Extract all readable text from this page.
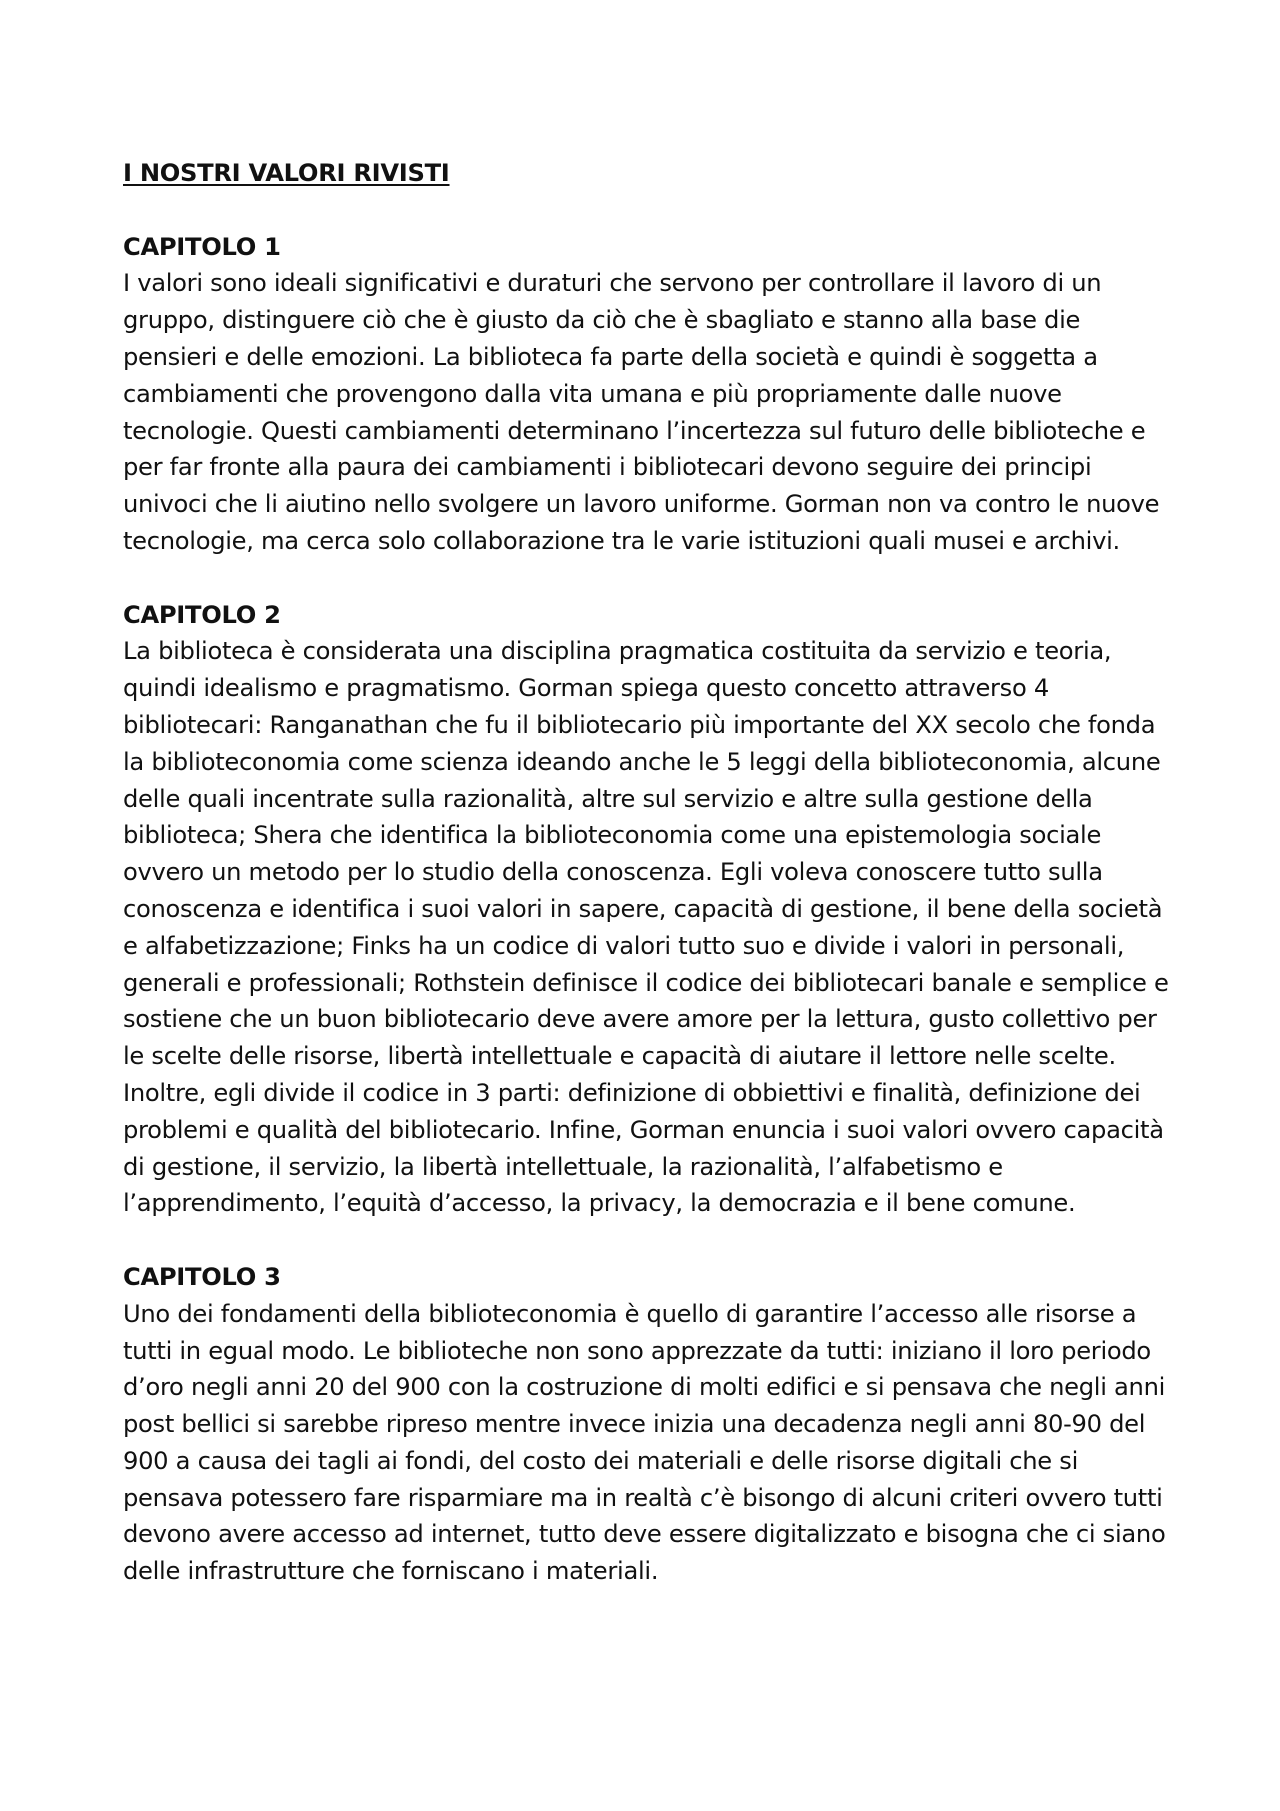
I NOSTRI VALORI RIVISTI

CAPITOLO 1

I valori sono ideali significativi e duraturi che servono per controllare il lavoro di un gruppo, distinguere ciò che è giusto da ciò che è sbagliato e stanno alla base die pensieri e delle emozioni. La biblioteca fa parte della società e quindi è soggetta a cambiamenti che provengono dalla vita umana e più propriamente dalle nuove tecnologie. Questi cambiamenti determinano l’incertezza sul futuro delle biblioteche e per far fronte alla paura dei cambiamenti i bibliotecari devono seguire dei principi univoci che li aiutino nello svolgere un lavoro uniforme. Gorman non va contro le nuove tecnologie, ma cerca solo collaborazione tra le varie istituzioni quali musei e archivi.

CAPITOLO 2

La biblioteca è considerata una disciplina pragmatica costituita da servizio e teoria, quindi idealismo e pragmatismo. Gorman spiega questo concetto attraverso 4 bibliotecari: Ranganathan che fu il bibliotecario più importante del XX secolo che fonda la biblioteconomia come scienza ideando anche le 5 leggi della biblioteconomia, alcune delle quali incentrate sulla razionalità, altre sul servizio e altre sulla gestione della biblioteca; Shera che identifica la biblioteconomia come una epistemologia sociale ovvero un metodo per lo studio della conoscenza. Egli voleva conoscere tutto sulla conoscenza e identifica i suoi valori in sapere, capacità di gestione, il bene della società e alfabetizzazione; Finks ha un codice di valori tutto suo e divide i valori in personali, generali e professionali; Rothstein definisce il codice dei bibliotecari banale e semplice e sostiene che un buon bibliotecario deve avere amore per la lettura, gusto collettivo per le scelte delle risorse, libertà intellettuale e capacità di aiutare il lettore nelle scelte. Inoltre, egli divide il codice in 3 parti: definizione di obbiettivi e finalità, definizione dei problemi e qualità del bibliotecario. Infine, Gorman enuncia i suoi valori ovvero capacità di gestione, il servizio, la libertà intellettuale, la razionalità, l’alfabetismo e l’apprendimento, l’equità d’accesso, la privacy, la democrazia e il bene comune.

CAPITOLO 3

Uno dei fondamenti della biblioteconomia è quello di garantire l’accesso alle risorse a tutti in egual modo. Le biblioteche non sono apprezzate da tutti: iniziano il loro periodo d’oro negli anni 20 del 900 con la costruzione di molti edifici e si pensava che negli anni post bellici si sarebbe ripreso mentre invece inizia una decadenza negli anni 80-90 del 900 a causa dei tagli ai fondi, del costo dei materiali e delle risorse digitali che si pensava potessero fare risparmiare ma in realtà c’è bisongo di alcuni criteri ovvero tutti devono avere accesso ad internet, tutto deve essere digitalizzato e bisogna che ci siano delle infrastrutture che forniscano i materiali.
